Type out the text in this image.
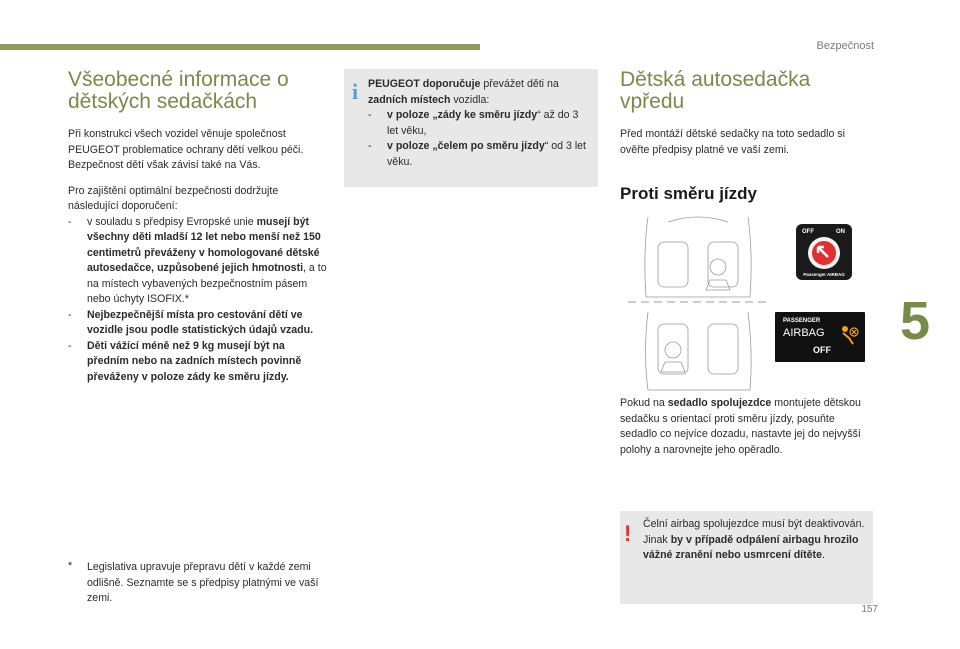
Bezpečnost
5
157
Všeobecné informace o
dětských sedačkách

Při konstrukci všech vozidel věnuje společnost PEUGEOT problematice ochrany dětí velkou péči. Bezpečnost dětí však závisí také na Vás.

Pro zajištění optimální bezpečnosti dodržujte následující doporučení:

- v souladu s předpisy Evropské unie musejí být všechny děti mladší 12 let nebo menší než 150 centimetrů převáženy v homologované dětské autosedačce, uzpůsobené jejich hmotnosti, a to na místech vybavených bezpečnostním pásem nebo úchyty ISOFIX.*
- Nejbezpečnější místa pro cestování dětí ve vozidle jsou podle statistických údajů vzadu.
- Děti vážící méně než 9 kg musejí být na předním nebo na zadních místech povinně převáženy v poloze zády ke směru jízdy.
*	Legislativa upravuje přepravu dětí v každé zemi odlišně. Seznamte se s předpisy platnými ve vaší zemi.

i PEUGEOT doporučuje převážet děti na zadních místech vozidla:

- v poloze „zády ke směru jízdy“ až do 3 let věku,
- v poloze „čelem po směru jízdy“ od 3 let věku.
Dětská autosedačka
vpředu

Před montáží dětské sedačky na toto sedadlo si ověřte předpisy platné ve vaší zemi.

Proti směru jízdy

Pokud na sedadlo spolujezdce montujete dětskou sedačku s orientací proti směru jízdy, posuňte sedadlo co nejvíce dozadu, nastavte jej do nejvyšší polohy a narovnejte jeho opěradlo.

OFF	ON
Passenger AIRBAG
PASSENGER
AIRBAG
OFF
! Čelní airbag spolujezdce musí být deaktivován. Jinak by v případě odpálení airbagu hrozilo vážné zranění nebo usmrcení dítěte.
